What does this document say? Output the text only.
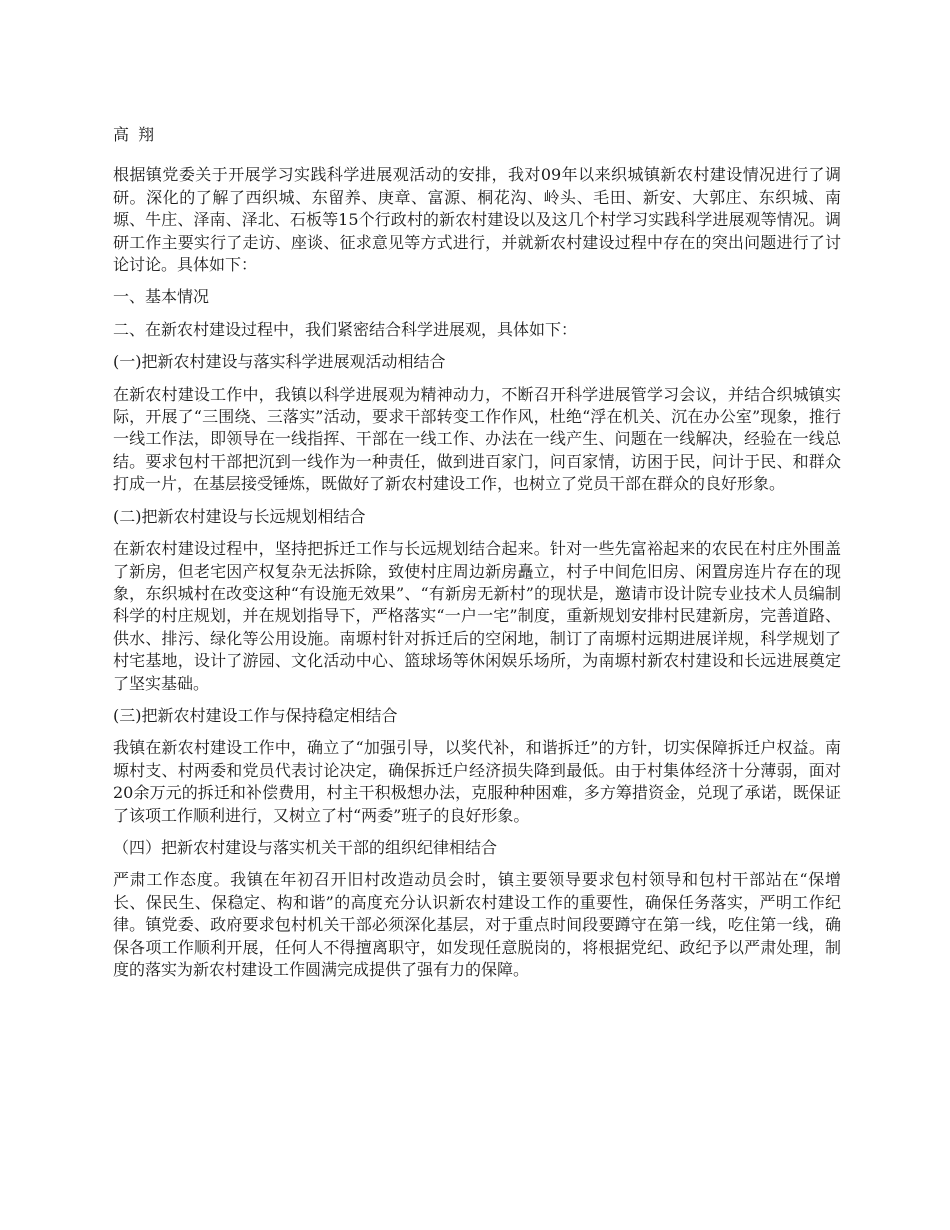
高 翔

根据镇党委关于开展学习实践科学进展观活动的安排，我对09年以来织城镇新农村建设情况进行了调研。深化的了解了西织城、东留养、庚章、富源、桐花沟、岭头、毛田、新安、大郭庄、东织城、南塬、牛庄、泽南、泽北、石板等15个行政村的新农村建设以及这几个村学习实践科学进展观等情况。调研工作主要实行了走访、座谈、征求意见等方式进行，并就新农村建设过程中存在的突出问题进行了讨论讨论。具体如下：

一、基本情况

二、在新农村建设过程中，我们紧密结合科学进展观，具体如下：

(一)把新农村建设与落实科学进展观活动相结合

在新农村建设工作中，我镇以科学进展观为精神动力，不断召开科学进展管学习会议，并结合织城镇实际，开展了“三围绕、三落实”活动，要求干部转变工作作风，杜绝“浮在机关、沉在办公室”现象，推行一线工作法，即领导在一线指挥、干部在一线工作、办法在一线产生、问题在一线解决，经验在一线总结。要求包村干部把沉到一线作为一种责任，做到进百家门，问百家情，访困于民，问计于民、和群众打成一片，在基层接受锤炼，既做好了新农村建设工作，也树立了党员干部在群众的良好形象。

(二)把新农村建设与长远规划相结合

在新农村建设过程中，坚持把拆迁工作与长远规划结合起来。针对一些先富裕起来的农民在村庄外围盖了新房，但老宅因产权复杂无法拆除，致使村庄周边新房矗立，村子中间危旧房、闲置房连片存在的现象，东织城村在改变这种“有设施无效果”、“有新房无新村”的现状是，邀请市设计院专业技术人员编制科学的村庄规划，并在规划指导下，严格落实“一户一宅”制度，重新规划安排村民建新房，完善道路、供水、排污、绿化等公用设施。南塬村针对拆迁后的空闲地，制订了南塬村远期进展详规，科学规划了村宅基地，设计了游园、文化活动中心、篮球场等休闲娱乐场所，为南塬村新农村建设和长远进展奠定了坚实基础。

(三)把新农村建设工作与保持稳定相结合

我镇在新农村建设工作中，确立了“加强引导，以奖代补，和谐拆迁”的方针，切实保障拆迁户权益。南塬村支、村两委和党员代表讨论决定，确保拆迁户经济损失降到最低。由于村集体经济十分薄弱，面对20余万元的拆迁和补偿费用，村主干积极想办法，克服种种困难，多方筹措资金，兑现了承诺，既保证了该项工作顺利进行，又树立了村“两委”班子的良好形象。

（四）把新农村建设与落实机关干部的组织纪律相结合

严肃工作态度。我镇在年初召开旧村改造动员会时，镇主要领导要求包村领导和包村干部站在“保增长、保民生、保稳定、构和谐”的高度充分认识新农村建设工作的重要性，确保任务落实，严明工作纪律。镇党委、政府要求包村机关干部必须深化基层，对于重点时间段要蹲守在第一线，吃住第一线，确保各项工作顺利开展，任何人不得擅离职守，如发现任意脱岗的，将根据党纪、政纪予以严肃处理，制度的落实为新农村建设工作圆满完成提供了强有力的保障。
